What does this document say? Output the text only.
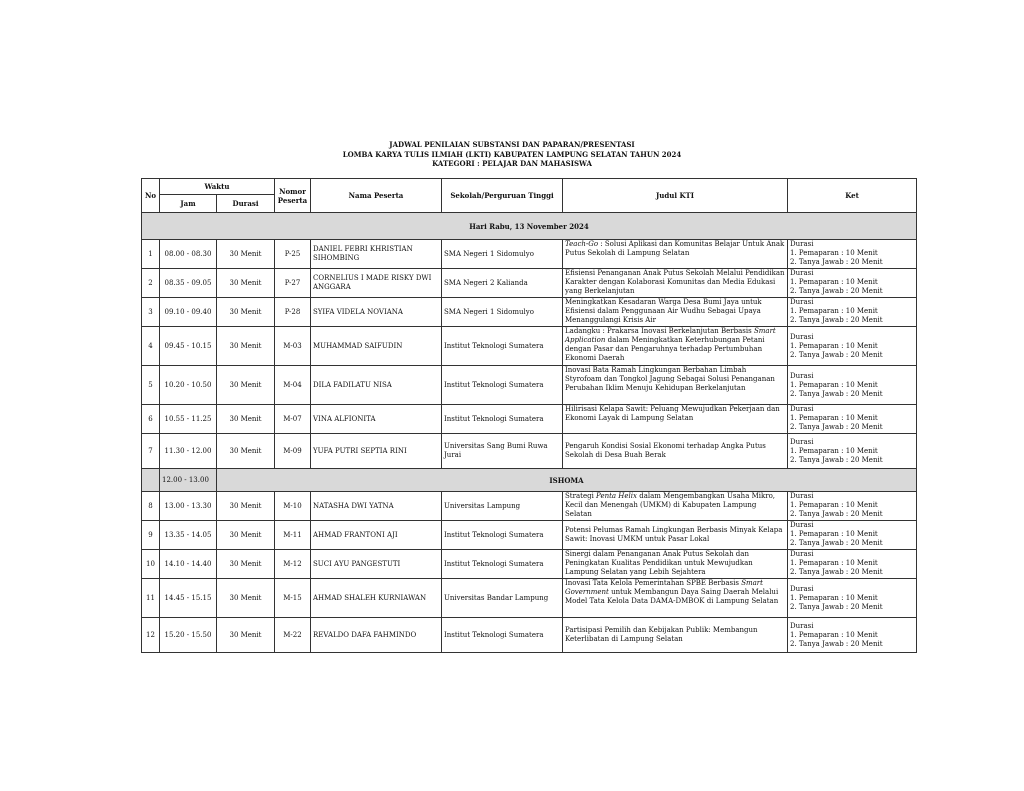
JADWAL PENILAIAN SUBSTANSI DAN PAPARAN/PRESENTASI
LOMBA KARYA TULIS ILMIAH (LKTI) KABUPATEN LAMPUNG SELATAN TAHUN 2024
KATEGORI : PELAJAR DAN MAHASISWA
No	Waktu		Nomor Peserta	Nama Peserta	Sekolah/Perguruan Tinggi	Judul KTI	Ket
	Jam	Durasi					
Hari Rabu, 13 November 2024							
1	08.00 - 08.30	30 Menit	P-25	DANIEL FEBRI KHRISTIAN SIHOMBING	SMA Negeri 1 Sidomulyo	Teach-Go : Solusi Aplikasi dan Komunitas Belajar Untuk Anak Putus Sekolah di Lampung Selatan	Durasi
1. Pemaparan : 10 Menit
2. Tanya Jawab : 20 Menit

2	08.35 - 09.05	30 Menit	P-27	CORNELIUS I MADE RISKY DWI ANGGARA	SMA Negeri 2 Kalianda	Efisiensi Penanganan Anak Putus Sekolah Melalui Pendidikan Karakter dengan Kolaborasi Komunitas dan Media Edukasi yang Berkelanjutan	Durasi
1. Pemaparan : 10 Menit
2. Tanya Jawab : 20 Menit

3	09.10 - 09.40	30 Menit	P-28	SYIFA VIDELA NOVIANA	SMA Negeri 1 Sidomulyo	Meningkatkan Kesadaran Warga Desa Bumi Jaya untuk Efisiensi dalam Penggunaan Air Wudhu Sebagai Upaya Menanggulangi Krisis Air	Durasi
1. Pemaparan : 10 Menit
2. Tanya Jawab : 20 Menit

4	09.45 - 10.15	30 Menit	M-03	MUHAMMAD SAIFUDIN	Institut Teknologi Sumatera	Ladangku : Prakarsa Inovasi Berkelanjutan Berbasis Smart Application dalam Meningkatkan Keterhubungan Petani dengan Pasar dan Pengaruhnya terhadap Pertumbuhan Ekonomi Daerah	Durasi
1. Pemaparan : 10 Menit
2. Tanya Jawab : 20 Menit

5	10.20 - 10.50	30 Menit	M-04	DILA FADILATU NISA	Institut Teknologi Sumatera	Inovasi Bata Ramah Lingkungan Berbahan Limbah Styrofoam dan Tongkol Jagung Sebagai Solusi Penanganan Perubahan Iklim Menuju Kehidupan Berkelanjutan	Durasi
1. Pemaparan : 10 Menit
2. Tanya Jawab : 20 Menit

6	10.55 - 11.25	30 Menit	M-07	VINA ALFIONITA	Institut Teknologi Sumatera	Hilirisasi Kelapa Sawit: Peluang Mewujudkan Pekerjaan dan Ekonomi Layak di Lampung Selatan	Durasi
1. Pemaparan : 10 Menit
2. Tanya Jawab : 20 Menit

7	11.30 - 12.00	30 Menit	M-09	YUFA PUTRI SEPTIA RINI	Universitas Sang Bumi Ruwa Jurai	Pengaruh Kondisi Sosial Ekonomi terhadap Angka Putus Sekolah di Desa Buah Berak	Durasi
1. Pemaparan : 10 Menit
2. Tanya Jawab : 20 Menit

	12.00 - 13.00	ISHOMA					
8	13.00 - 13.30	30 Menit	M-10	NATASHA DWI YATNA	Universitas Lampung	Strategi Penta Helix dalam Mengembangkan Usaha Mikro, Kecil dan Menengah (UMKM) di Kabupaten Lampung Selatan	Durasi
1. Pemaparan : 10 Menit
2. Tanya Jawab : 20 Menit

9	13.35 - 14.05	30 Menit	M-11	AHMAD FRANTONI AJI	Institut Teknologi Sumatera	Potensi Pelumas Ramah Lingkungan Berbasis Minyak Kelapa Sawit: Inovasi UMKM untuk Pasar Lokal	Durasi
1. Pemaparan : 10 Menit
2. Tanya Jawab : 20 Menit

10	14.10 - 14.40	30 Menit	M-12	SUCI AYU PANGESTUTI	Institut Teknologi Sumatera	Sinergi dalam Penanganan Anak Putus Sekolah dan Peningkatan Kualitas Pendidikan untuk Mewujudkan Lampung Selatan yang Lebih Sejahtera	Durasi
1. Pemaparan : 10 Menit
2. Tanya Jawab : 20 Menit

11	14.45 - 15.15	30 Menit	M-15	AHMAD SHALEH KURNIAWAN	Universitas Bandar Lampung	Inovasi Tata Kelola Pemerintahan SPBE Berbasis Smart Government untuk Membangun Daya Saing Daerah Melalui Model Tata Kelola Data DAMA-DMBOK di Lampung Selatan	Durasi
1. Pemaparan : 10 Menit
2. Tanya Jawab : 20 Menit

12	15.20 - 15.50	30 Menit	M-22	REVALDO DAFA FAHMINDO	Institut Teknologi Sumatera	Partisipasi Pemilih dan Kebijakan Publik: Membangun Keterlibatan di Lampung Selatan	Durasi
1. Pemaparan : 10 Menit
2. Tanya Jawab : 20 Menit
